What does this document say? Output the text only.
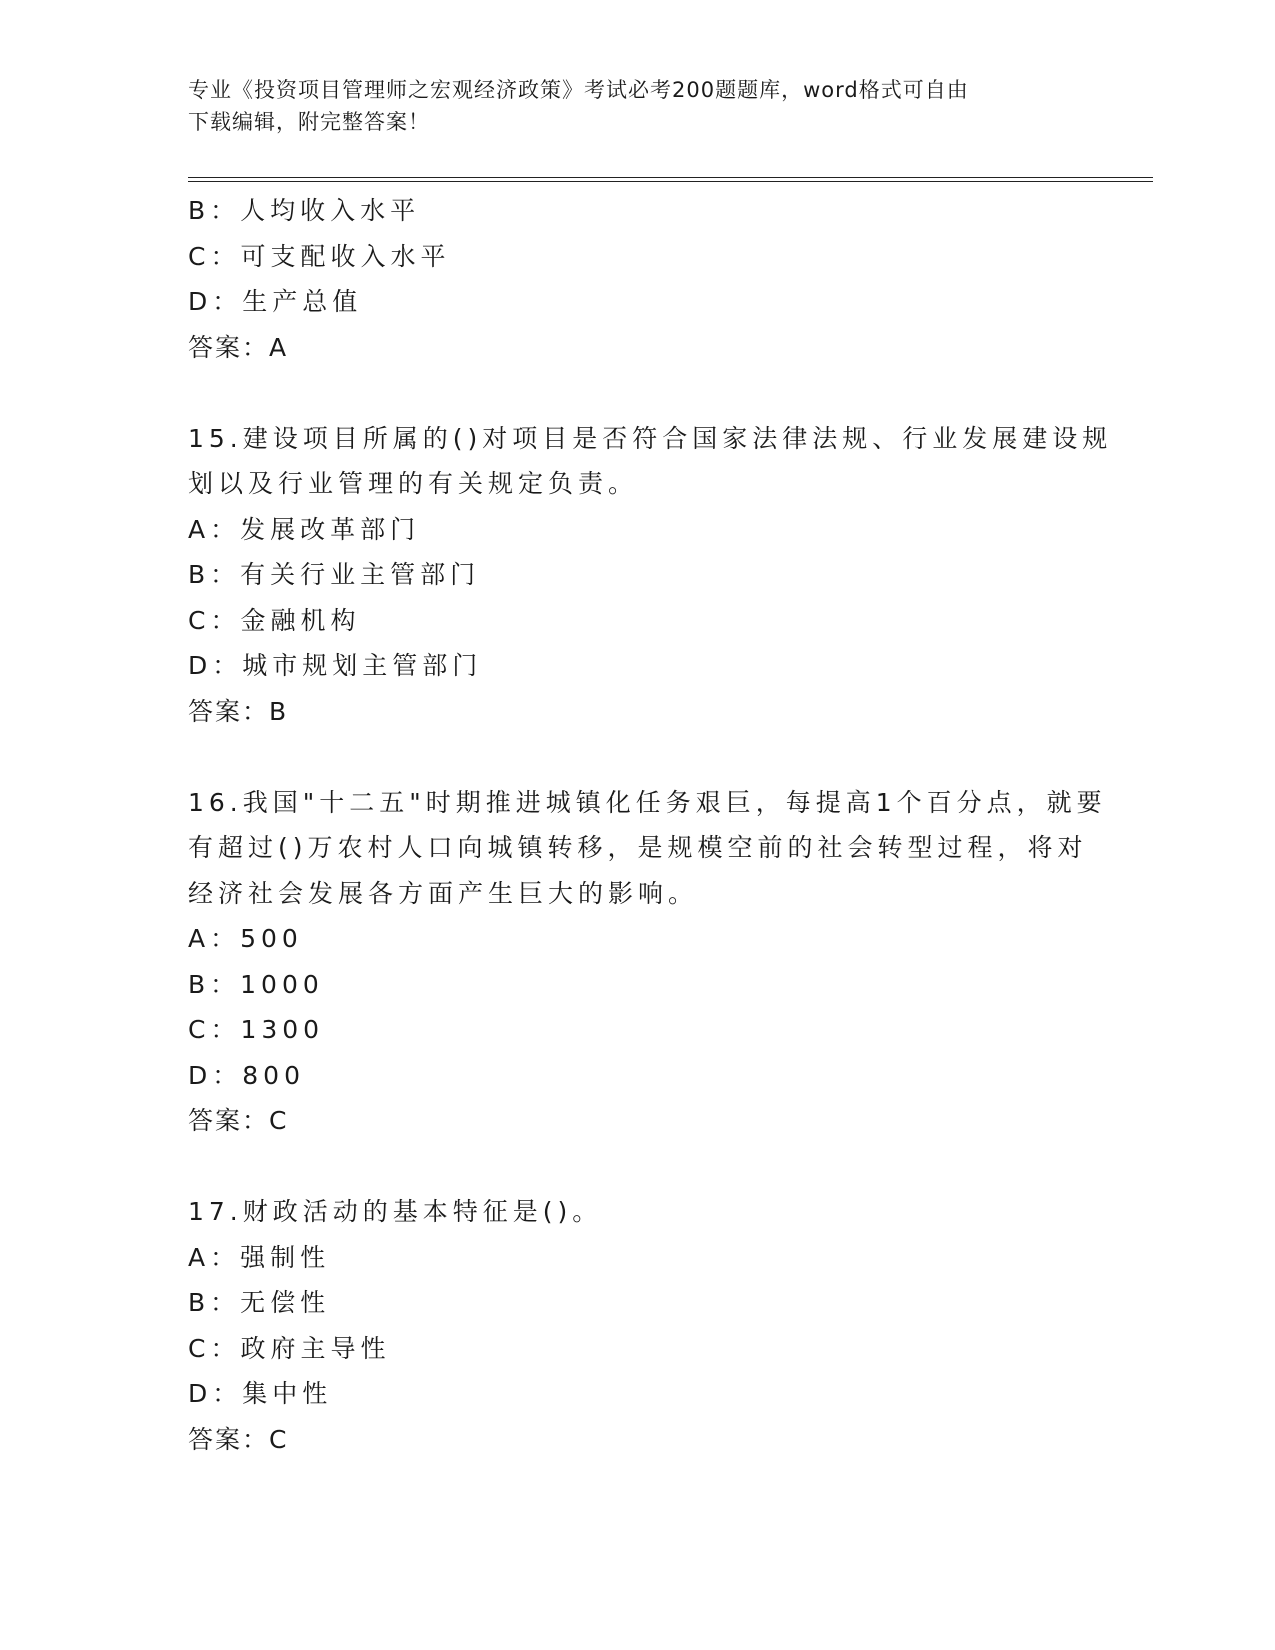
专业《投资项目管理师之宏观经济政策》考试必考200题题库，word格式可自由
下载编辑，附完整答案！
B：人均收入水平
C：可支配收入水平
D：生产总值
答案：A
15.建设项目所属的()对项目是否符合国家法律法规、行业发展建设规
划以及行业管理的有关规定负责。
A：发展改革部门
B：有关行业主管部门
C：金融机构
D：城市规划主管部门
答案：B
16.我国"十二五"时期推进城镇化任务艰巨，每提高1个百分点，就要
有超过()万农村人口向城镇转移，是规模空前的社会转型过程，将对
经济社会发展各方面产生巨大的影响。
A：500
B：1000
C：1300
D：800
答案：C
17.财政活动的基本特征是()。
A：强制性
B：无偿性
C：政府主导性
D：集中性
答案：C
